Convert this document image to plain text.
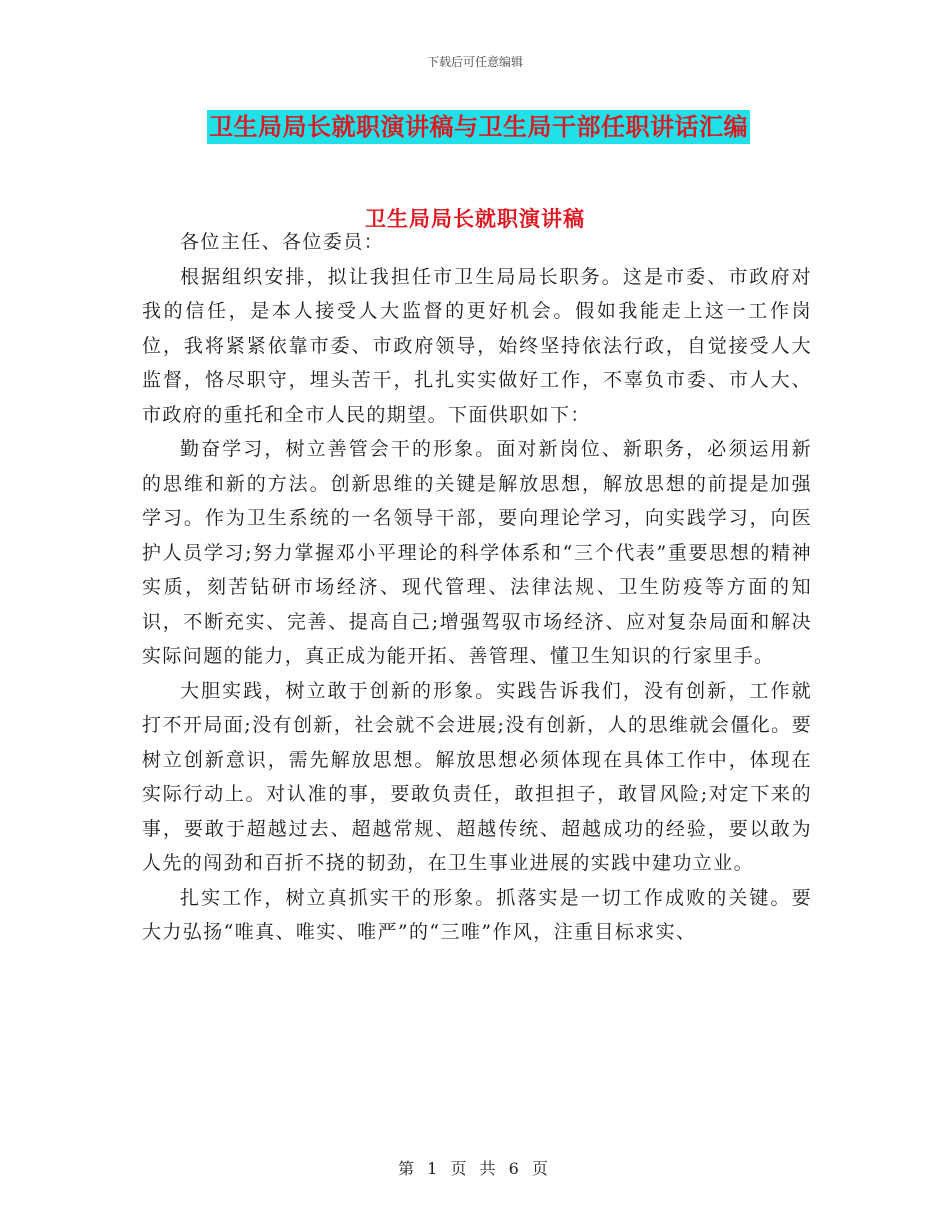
下载后可任意编辑
卫生局局长就职演讲稿与卫生局干部任职讲话汇编
卫生局局长就职演讲稿

各位主任、各位委员：

根据组织安排，拟让我担任市卫生局局长职务。这是市委、市政府对我的信任，是本人接受人大监督的更好机会。假如我能走上这一工作岗位，我将紧紧依靠市委、市政府领导，始终坚持依法行政，自觉接受人大监督，恪尽职守，埋头苦干，扎扎实实做好工作，不辜负市委、市人大、市政府的重托和全市人民的期望。下面供职如下：

勤奋学习，树立善管会干的形象。面对新岗位、新职务，必须运用新的思维和新的方法。创新思维的关键是解放思想，解放思想的前提是加强学习。作为卫生系统的一名领导干部，要向理论学习，向实践学习，向医护人员学习;努力掌握邓小平理论的科学体系和“三个代表”重要思想的精神实质，刻苦钻研市场经济、现代管理、法律法规、卫生防疫等方面的知识，不断充实、完善、提高自己;增强驾驭市场经济、应对复杂局面和解决实际问题的能力，真正成为能开拓、善管理、懂卫生知识的行家里手。

大胆实践，树立敢于创新的形象。实践告诉我们，没有创新，工作就打不开局面;没有创新，社会就不会进展;没有创新，人的思维就会僵化。要树立创新意识，需先解放思想。解放思想必须体现在具体工作中，体现在实际行动上。对认准的事，要敢负责任，敢担担子，敢冒风险;对定下来的事，要敢于超越过去、超越常规、超越传统、超越成功的经验，要以敢为人先的闯劲和百折不挠的韧劲，在卫生事业进展的实践中建功立业。

扎实工作，树立真抓实干的形象。抓落实是一切工作成败的关键。要大力弘扬“唯真、唯实、唯严”的“三唯”作风，注重目标求实、

第 1 页 共 6 页
